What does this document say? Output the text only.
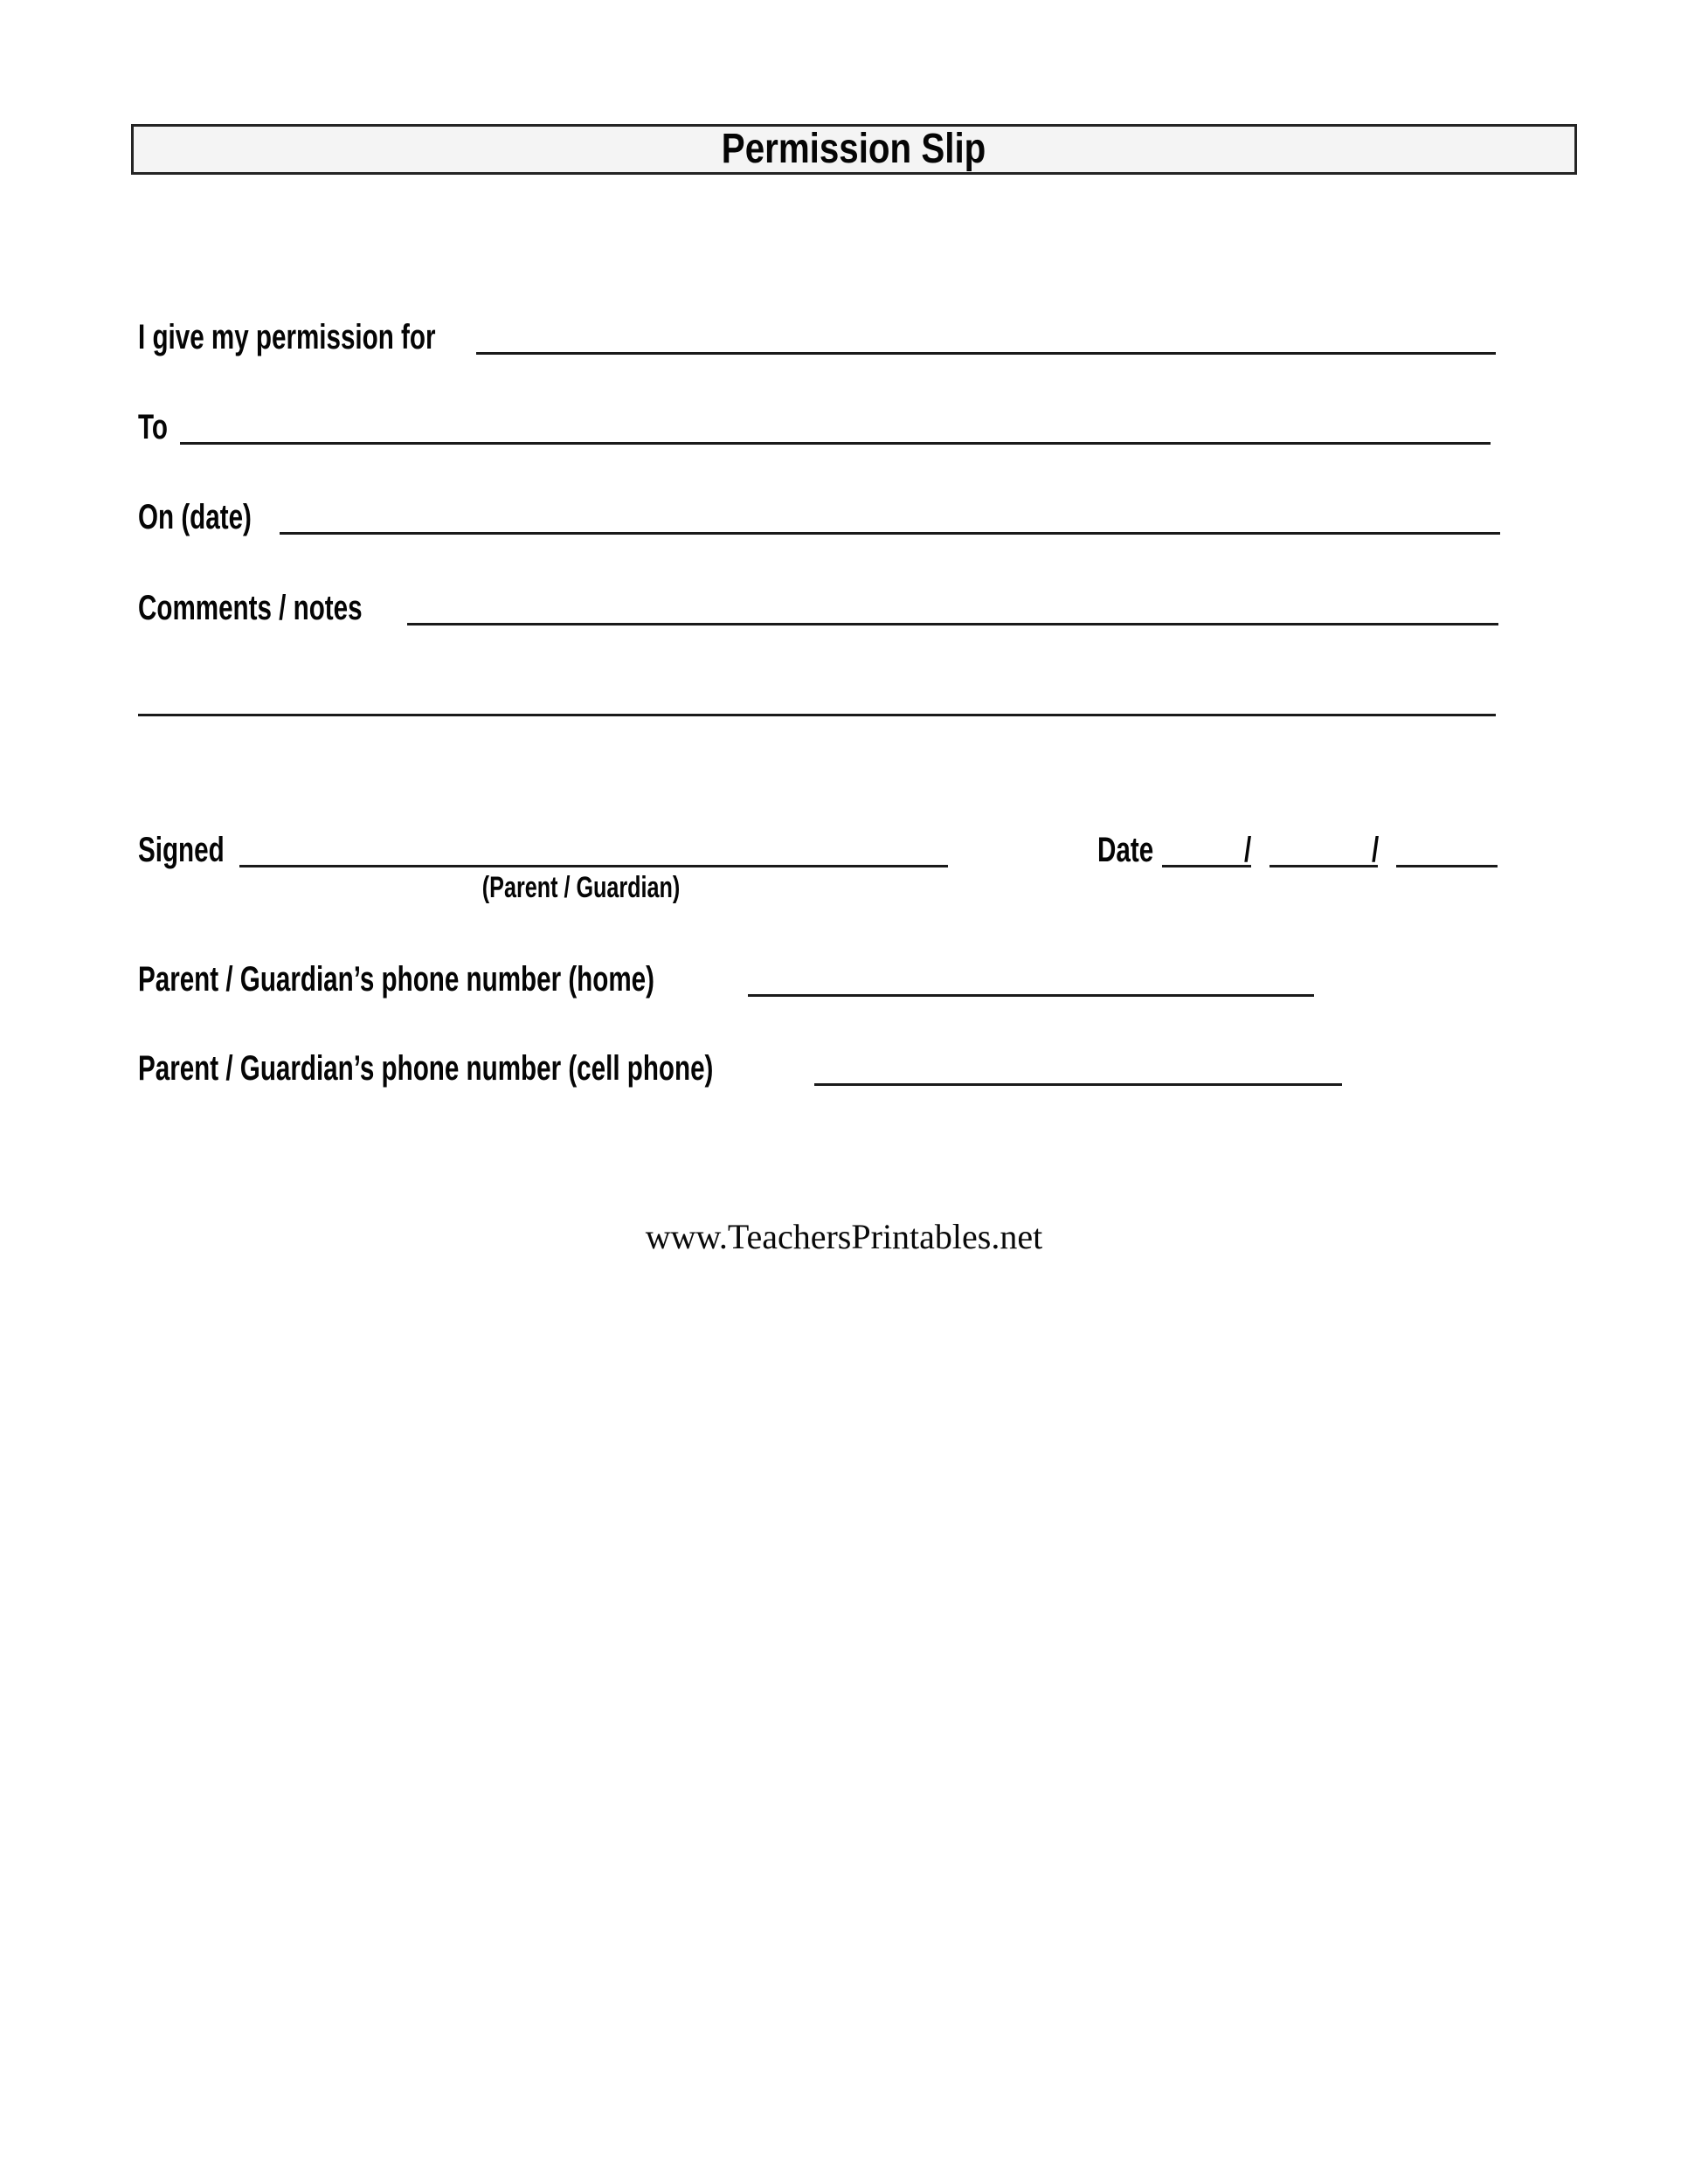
Permission Slip
I give my permission for
To
On (date)
Comments / notes
Signed
(Parent / Guardian)
Date	/	/
Parent / Guardian’s phone number (home)
Parent / Guardian’s phone number (cell phone)
www.TeachersPrintables.net
